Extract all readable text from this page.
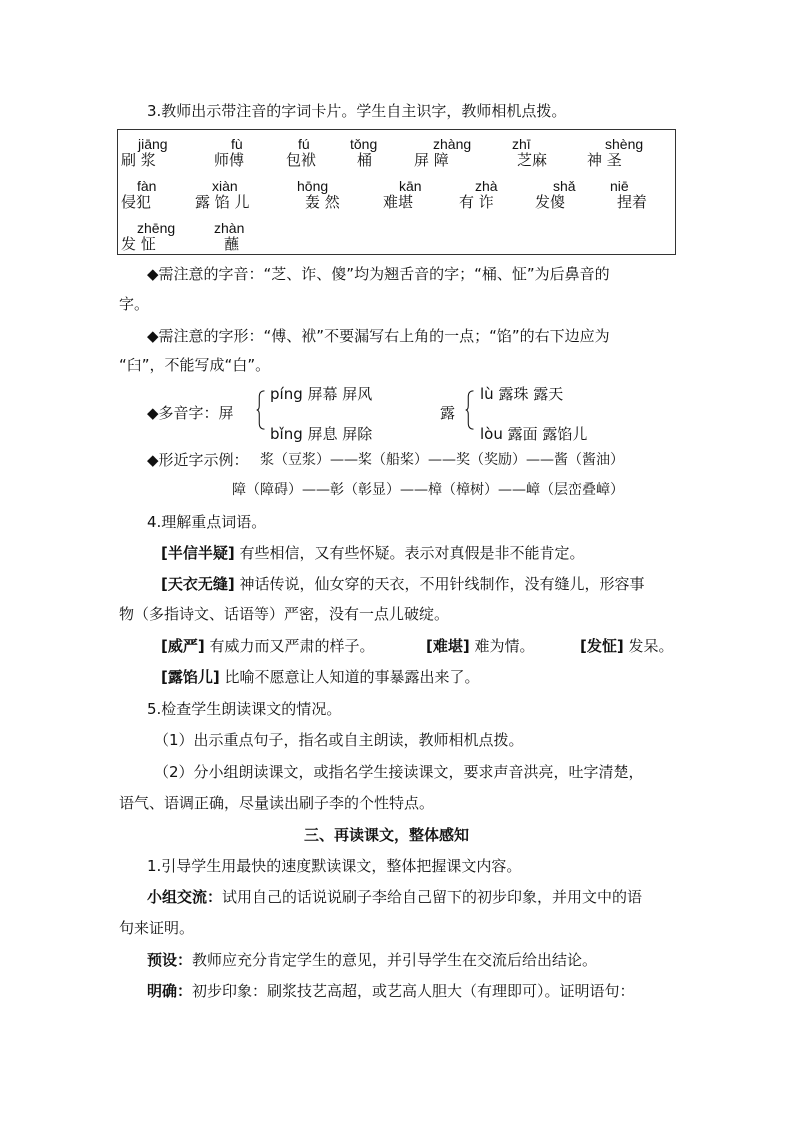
3.教师出示带注音的字词卡片。学生自主识字，教师相机点拨。
jiāng
刷 浆
fù
师傅
fú
包袱
tǒng
桶
zhàng
屏 障
zhī
芝麻
shèng
神 圣
fàn
侵犯
xiàn
露 馅 儿
hōng
轰 然
kān
难堪
zhà
有 诈
shǎ
发傻
niē
捏着
zhēng
发 怔
zhàn
蘸
◆需注意的字音：“芝、诈、傻”均为翘舌音的字；“桶、怔”为后鼻音的
字。
◆需注意的字形：“傅、袱”不要漏写右上角的一点；“馅”的右下边应为
“臼”，不能写成“白”。
◆多音字：屏
píng 屏幕 屏风
bǐng 屏息 屏除
露
lù 露珠 露天
lòu 露面 露馅儿
◆形近字示例： 浆（豆浆）——桨（船桨）——奖（奖励）——酱（酱油）
障（障碍）——彰（彰显）——樟（樟树）——嶂（层峦叠嶂）
4.理解重点词语。
[半信半疑] 有些相信，又有些怀疑。表示对真假是非不能肯定。
[天衣无缝] 神话传说，仙女穿的天衣，不用针线制作，没有缝儿，形容事
物（多指诗文、话语等）严密，没有一点儿破绽。
[威严] 有威力而又严肃的样子。	[难堪] 难为情。	[发怔] 发呆。
[露馅儿] 比喻不愿意让人知道的事暴露出来了。
5.检查学生朗读课文的情况。
（1）出示重点句子，指名或自主朗读，教师相机点拨。
（2）分小组朗读课文，或指名学生接读课文，要求声音洪亮，吐字清楚，
语气、语调正确，尽量读出刷子李的个性特点。
三、再读课文，整体感知
1.引导学生用最快的速度默读课文，整体把握课文内容。
小组交流：试用自己的话说说刷子李给自己留下的初步印象，并用文中的语
句来证明。
预设：教师应充分肯定学生的意见，并引导学生在交流后给出结论。
明确：初步印象：刷浆技艺高超，或艺高人胆大（有理即可）。证明语句：
